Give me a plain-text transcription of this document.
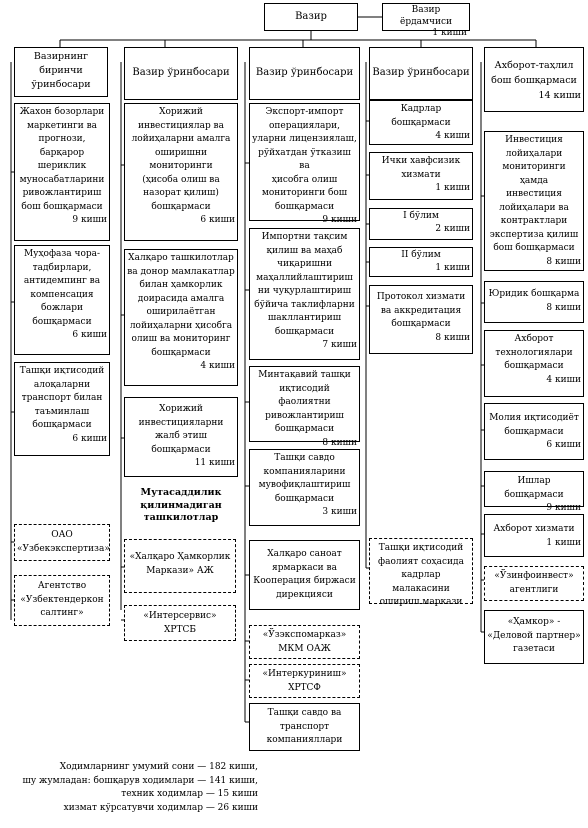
Вазир
Вазир ёрдамчиси
1 киши
Вазирнинг
биринчи
ўринбосари
Вазир ўринбосари	Вазир ўринбосари	Вазир ўринбосари
Ахборот-таҳлил
бош бошқармаси
14 киши
Жахон бозорлари
маркетинги ва
прогнози,
барқарор
шериклик
муносабатларини
ривожлантириш
бош бошқармаси
9 киши
Муҳофаза чора-
тадбирлари,
антидемпинг ва
компенсация
божлари
бошқармаси
6 киши
Ташқи иқтисодий
алоқаларни
транспорт билан
таъминлаш
бошқармаси
6 киши
ОАО
«Узбекэкспертиза»
Агентство
«Узбектендеркон
салтинг»
Хорижий
инвестициялар ва
лойиҳаларни амалга
оширишни
мониторинги
(ҳисоба олиш ва
назорат қилиш)
бошқармаси
6 киши
Халқаро ташкилотлар
ва донор мамлакатлар
билан ҳамкорлик
доирасида амалга
оширилаётган
лойиҳаларни ҳисобга
олиш ва мониторинг
бошқармаси
4 киши
Хорижий
инвестицияларни
жалб этиш
бошқармаси
11 киши
Мутасаддилик
қилинмадиган
ташкилотлар
«Халқаро Ҳамкорлик
Маркази» АЖ
«Интерсервис»
ХРТСБ
Экспорт-импорт
операциялари,
уларни лицензиялаш,
рўйхатдан ўтказиш ва
ҳисобга олиш
мониторинги бош
бошқармаси
9 киши
Импортни тақсим
қилиш ва маҳаб
чиқаришни
маҳаллийлаштириш
ни чуқурлаштириш
бўйича таклифларни
шакллантириш
бошқармаси
7 киши
Минтақавий ташқи
иқтисодий фаолиятни
ривожлантириш
бошқармаси
8 киши
Ташқи савдо
компанияларини
мувофиқлаштириш
бошқармаси
3 киши
Халқаро саноат
ярмаркаси ва
Кооперация биржаси
дирекцияси
«Ўзэкспомарказ»
МКМ ОАЖ
«Интеркуриниш»
ХРТСФ
Ташқи савдо ва
транспорт
компанияллари
Кадрлар
бошқармаси
4 киши
Ички хавфсизик
хизмати
1 киши
I бўлим
2 киши
II бўлим
1 киши
Протокол хизмати
ва аккредитация
бошқармаси
8 киши
Ташқи иқтисодий
фаолият соҳасида
кадрлар малакасини
ошириш маркази
Инвестиция
лойиҳалари
мониторинги ҳамда
инвестиция
лойиҳалари ва
контрактлари
экспертиза қилиш
бош бошқармаси
8 киши
Юридик бошқарма
8 киши
Ахборот
технологиялари
бошқармаси
4 киши
Молия иқтисодиёт
бошқармаси
6 киши
Ишлар бошқармаси
9 киши
Ахборот хизмати
1 киши
«Ўзинфоинвест»
агентлиги
«Ҳамкор» -
«Деловой партнер»
газетаси
Ходимларнинг умумий сони — 182 киши,
шу жумладан: бошқарув ходимлари — 141 киши,
техник ходимлар — 15 киши
хизмат кўрсатувчи ходимлар — 26 киши
